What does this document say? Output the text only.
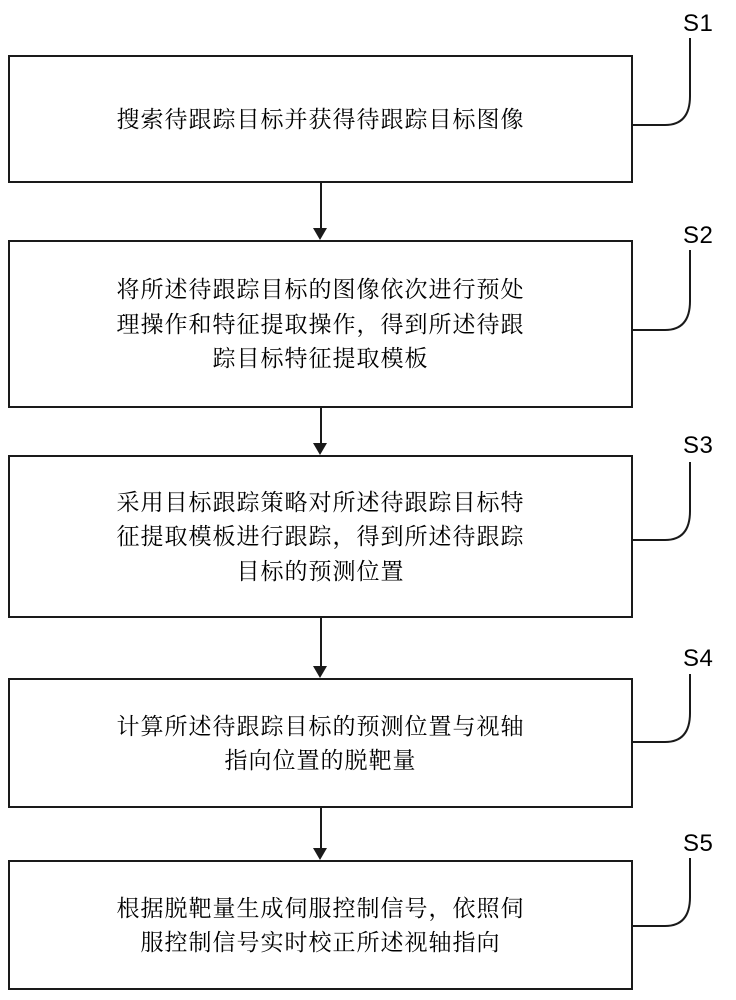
搜索待跟踪目标并获得待跟踪目标图像
将所述待跟踪目标的图像依次进行预处
理操作和特征提取操作，得到所述待跟
踪目标特征提取模板
采用目标跟踪策略对所述待跟踪目标特
征提取模板进行跟踪，得到所述待跟踪
目标的预测位置
计算所述待跟踪目标的预测位置与视轴
指向位置的脱靶量
根据脱靶量生成伺服控制信号，依照伺
服控制信号实时校正所述视轴指向
S1
S2
S3
S4
S5
